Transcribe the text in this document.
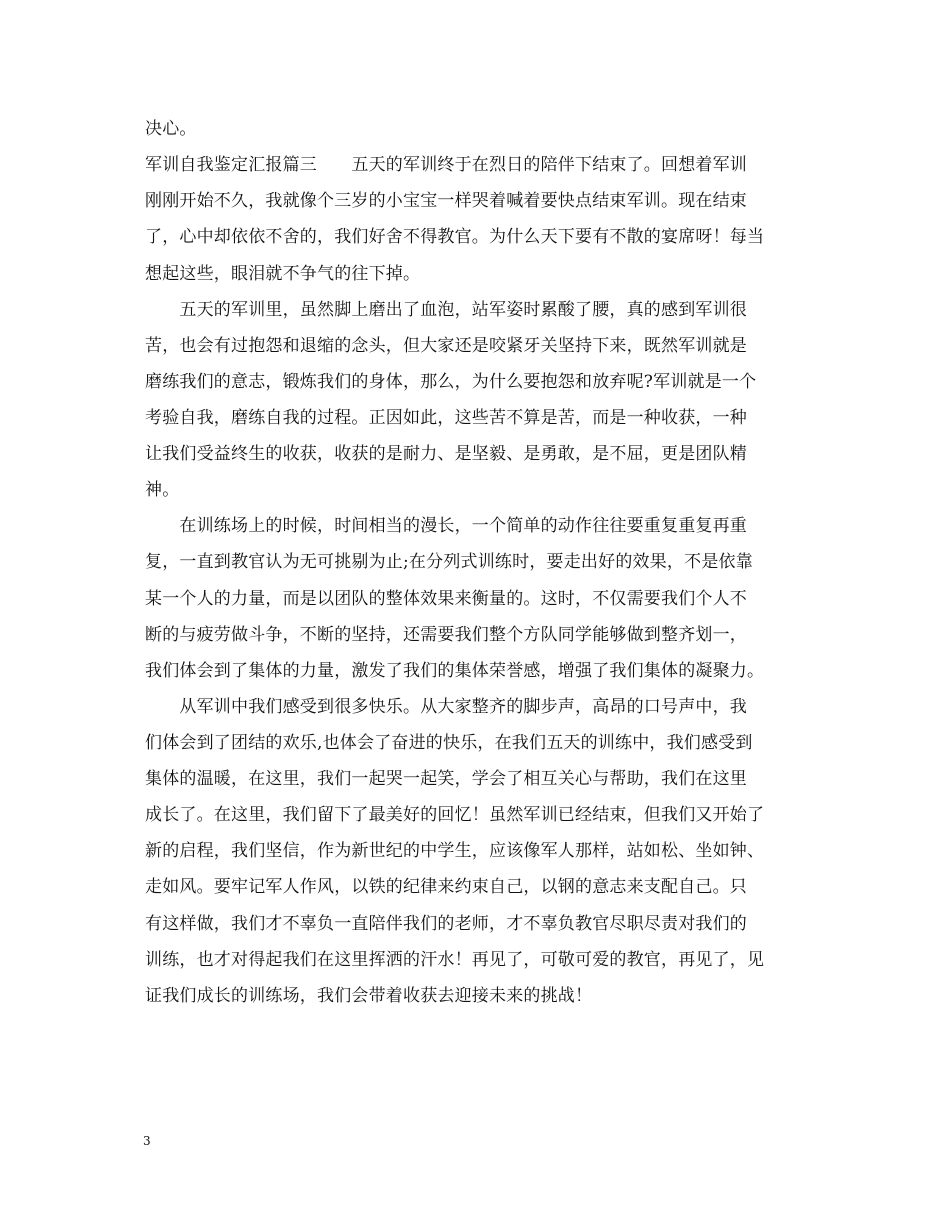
决心。
军训自我鉴定汇报篇三　　五天的军训终于在烈日的陪伴下结束了。回想着军训
刚刚开始不久，我就像个三岁的小宝宝一样哭着喊着要快点结束军训。现在结束
了，心中却依依不舍的，我们好舍不得教官。为什么天下要有不散的宴席呀！每当
想起这些，眼泪就不争气的往下掉。
　　五天的军训里，虽然脚上磨出了血泡，站军姿时累酸了腰，真的感到军训很
苦，也会有过抱怨和退缩的念头，但大家还是咬紧牙关坚持下来，既然军训就是
磨练我们的意志，锻炼我们的身体，那么，为什么要抱怨和放弃呢?军训就是一个
考验自我，磨练自我的过程。正因如此，这些苦不算是苦，而是一种收获，一种
让我们受益终生的收获，收获的是耐力、是坚毅、是勇敢，是不屈，更是团队精
神。
　　在训练场上的时候，时间相当的漫长，一个简单的动作往往要重复重复再重
复，一直到教官认为无可挑剔为止;在分列式训练时，要走出好的效果，不是依靠
某一个人的力量，而是以团队的整体效果来衡量的。这时，不仅需要我们个人不
断的与疲劳做斗争，不断的坚持，还需要我们整个方队同学能够做到整齐划一，
我们体会到了集体的力量，激发了我们的集体荣誉感，增强了我们集体的凝聚力。
　　从军训中我们感受到很多快乐。从大家整齐的脚步声，高昂的口号声中，我
们体会到了团结的欢乐,也体会了奋进的快乐，在我们五天的训练中，我们感受到
集体的温暖，在这里，我们一起哭一起笑，学会了相互关心与帮助，我们在这里
成长了。在这里，我们留下了最美好的回忆！虽然军训已经结束，但我们又开始了
新的启程，我们坚信，作为新世纪的中学生，应该像军人那样，站如松、坐如钟、
走如风。要牢记军人作风，以铁的纪律来约束自己，以钢的意志来支配自己。只
有这样做，我们才不辜负一直陪伴我们的老师，才不辜负教官尽职尽责对我们的
训练，也才对得起我们在这里挥洒的汗水！再见了，可敬可爱的教官，再见了，见
证我们成长的训练场，我们会带着收获去迎接未来的挑战！
3
